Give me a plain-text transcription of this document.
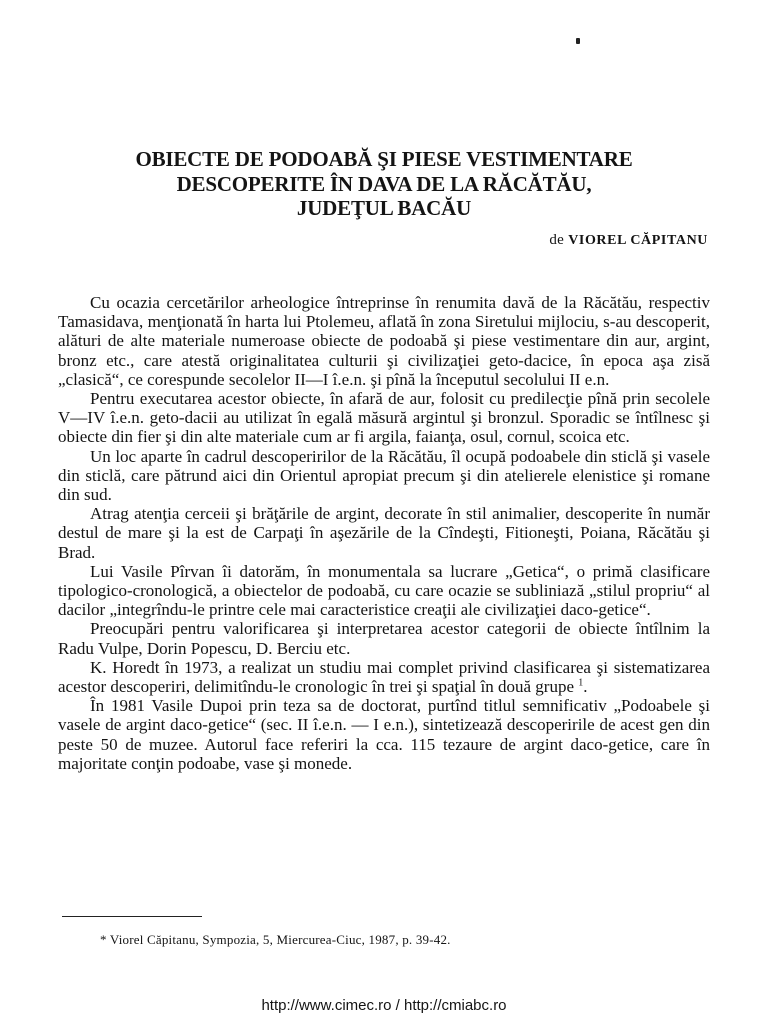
OBIECTE DE PODOABĂ ŞI PIESE VESTIMENTARE
DESCOPERITE ÎN DAVA DE LA RĂCĂTĂU,
JUDEŢUL BACĂU
de VIOREL CĂPITANU

Cu ocazia cercetărilor arheologice întreprinse în renumita davă de la Răcătău, respectiv Tamasidava, menţionată în harta lui Ptolemeu, aflată în zona Siretului mijlociu, s-au descoperit, alături de alte materiale numeroase obiecte de podoabă şi piese vestimentare din aur, argint, bronz etc., care atestă originalitatea culturii şi civilizaţiei geto-dacice, în epoca aşa zisă „clasică“, ce corespunde secolelor II—I î.e.n. şi pînă la începutul secolului II e.n.

Pentru executarea acestor obiecte, în afară de aur, folosit cu predilecţie pînă prin secolele V—IV î.e.n. geto-dacii au utilizat în egală măsură argintul şi bronzul. Sporadic se întîlnesc şi obiecte din fier şi din alte materiale cum ar fi argila, faianţa, osul, cornul, scoica etc.

Un loc aparte în cadrul descoperirilor de la Răcătău, îl ocupă podoabele din sticlă şi vasele din sticlă, care pătrund aici din Orientul apropiat precum şi din atelierele elenistice şi romane din sud.

Atrag atenţia cerceii şi brăţările de argint, decorate în stil animalier, descoperite în număr destul de mare şi la est de Carpaţi în aşezările de la Cîndeşti, Fitioneşti, Poiana, Răcătău şi Brad.

Lui Vasile Pîrvan îi datorăm, în monumentala sa lucrare „Getica“, o primă clasificare tipologico-cronologică, a obiectelor de podoabă, cu care ocazie se subliniază „stilul propriu“ al dacilor „integrîndu-le printre cele mai caracteristice creaţii ale civilizaţiei daco-getice“.

Preocupări pentru valorificarea şi interpretarea acestor categorii de obiecte întîlnim la Radu Vulpe, Dorin Popescu, D. Berciu etc.

K. Horedt în 1973, a realizat un studiu mai complet privind clasificarea şi sistematizarea acestor descoperiri, delimitîndu-le cronologic în trei şi spaţial în două grupe $^1$.

În 1981 Vasile Dupoi prin teza sa de doctorat, purtînd titlul semnificativ „Podoabele şi vasele de argint daco-getice“ (sec. II î.e.n. — I e.n.), sintetizează descoperirile de acest gen din peste 50 de muzee. Autorul face referiri la cca. 115 tezaure de argint daco-getice, care în majoritate conţin podoabe, vase şi monede.

* Viorel Căpitanu, Sympozia, 5, Miercurea-Ciuc, 1987, p. 39-42.
http://www.cimec.ro / http://cmiabc.ro
